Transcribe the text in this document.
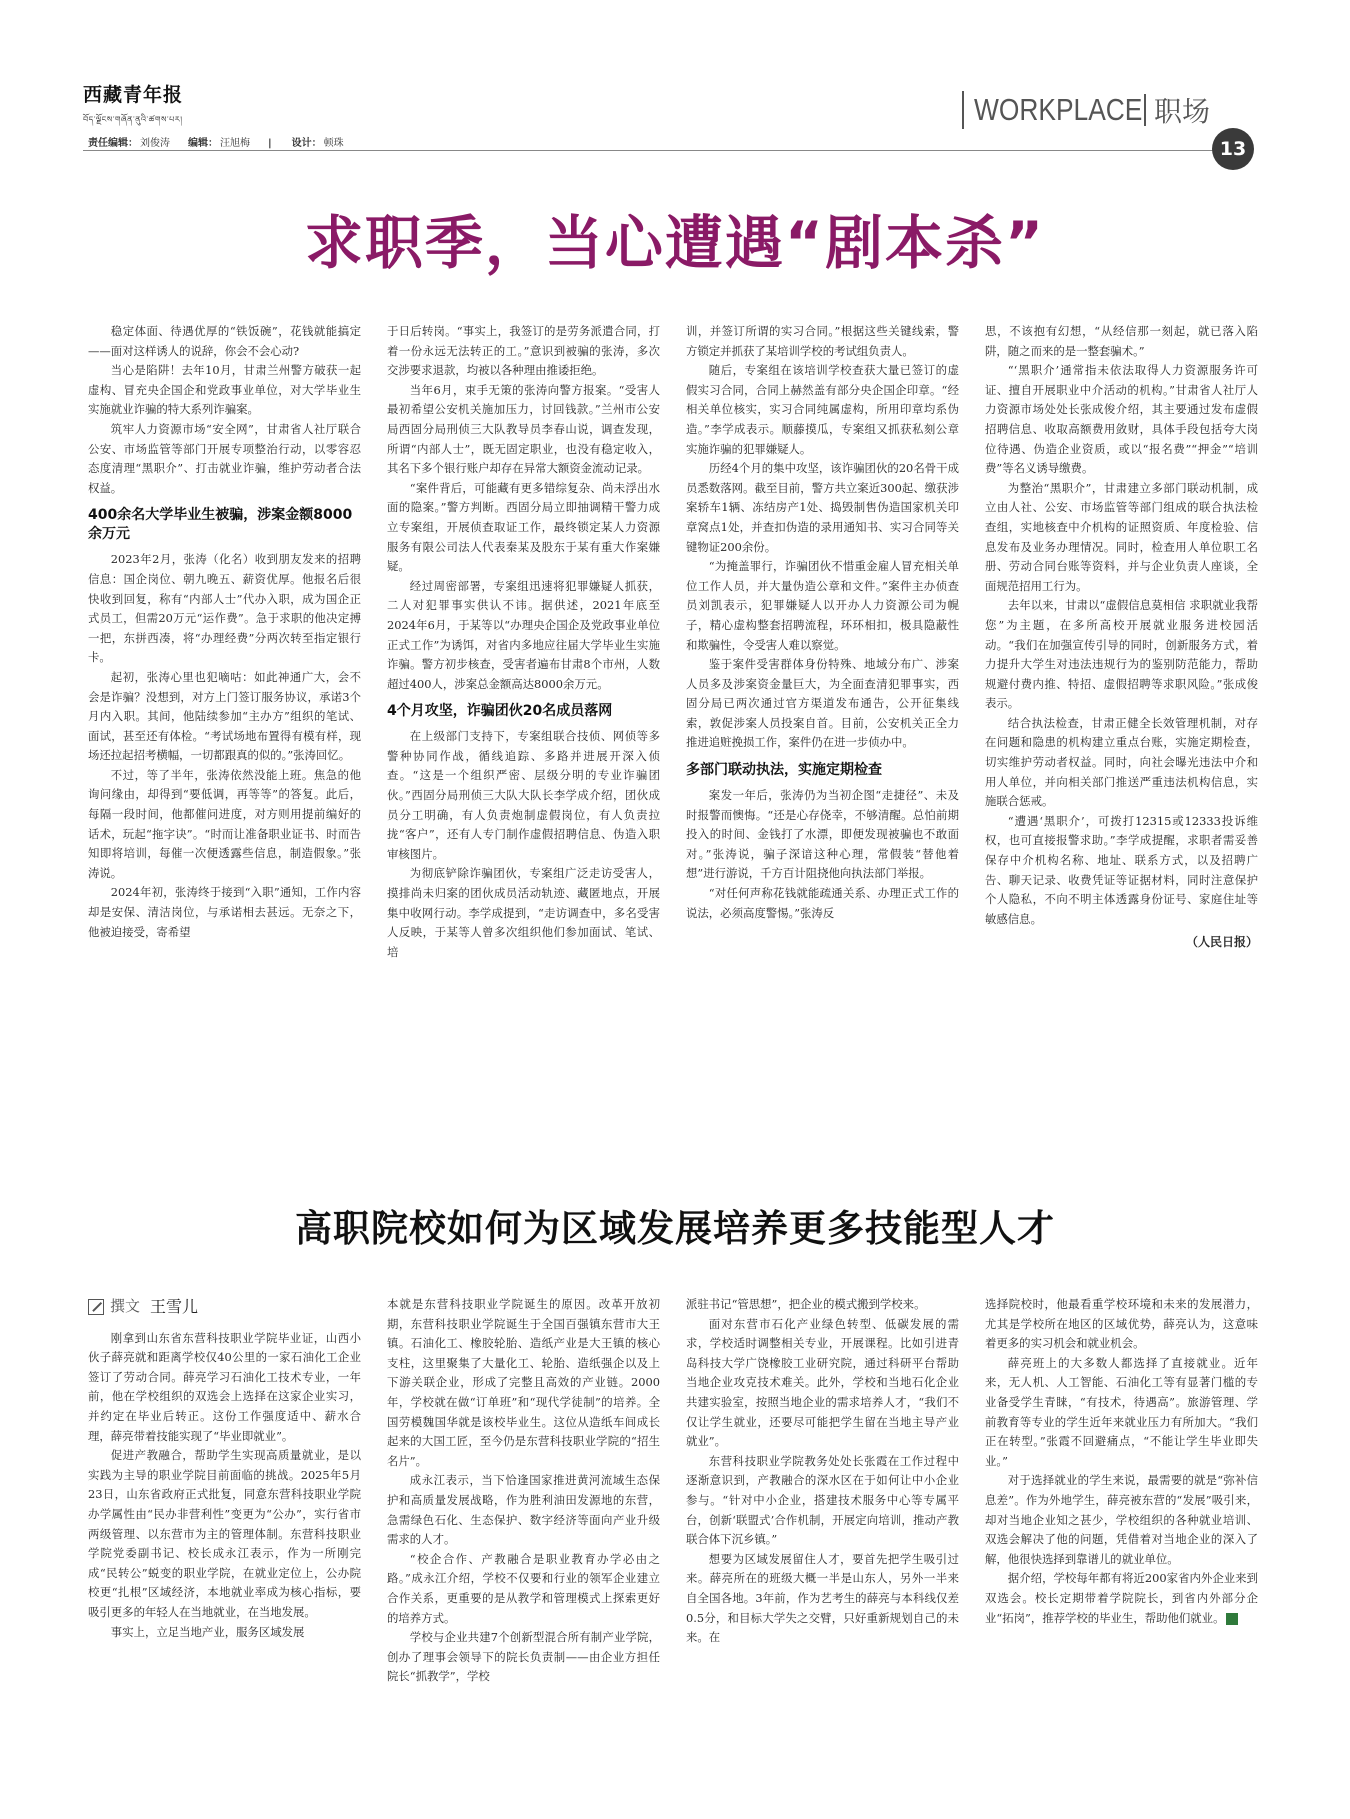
西藏青年报
བོད་ལྗོངས་གཞོན་ནུའི་ཚགས་པར།	WORKPLACE 职场
责任编辑： 刘俊涛 编辑： 汪旭梅 | 设计： 顿珠	13
求职季，当心遭遇“剧本杀”

稳定体面、待遇优厚的“铁饭碗”，花钱就能搞定——面对这样诱人的说辞，你会不会心动?

当心是陷阱！去年10月，甘肃兰州警方破获一起虚构、冒充央企国企和党政事业单位，对大学毕业生实施就业诈骗的特大系列诈骗案。

筑牢人力资源市场“安全网”，甘肃省人社厅联合公安、市场监管等部门开展专项整治行动，以零容忍态度清理“黑职介”、打击就业诈骗，维护劳动者合法权益。

400余名大学毕业生被骗，涉案金额8000余万元

2023年2月，张涛（化名）收到朋友发来的招聘信息：国企岗位、朝九晚五、薪资优厚。他报名后很快收到回复，称有“内部人士”代办入职，成为国企正式员工，但需20万元“运作费”。急于求职的他决定搏一把，东拼西凑，将“办理经费”分两次转至指定银行卡。

起初，张涛心里也犯嘀咕：如此神通广大，会不会是诈骗？没想到，对方上门签订服务协议，承诺3个月内入职。其间，他陆续参加“主办方”组织的笔试、面试，甚至还有体检。“考试场地布置得有模有样，现场还拉起招考横幅，一切都跟真的似的。”张涛回忆。

不过，等了半年，张涛依然没能上班。焦急的他询问缘由，却得到“要低调，再等等”的答复。此后，每隔一段时间，他都催问进度，对方则用提前编好的话术，玩起“拖字诀”。“时而让准备职业证书、时而告知即将培训，每催一次便透露些信息，制造假象。”张涛说。

2024年初，张涛终于接到“入职”通知，工作内容却是安保、清洁岗位，与承诺相去甚远。无奈之下，他被迫接受，寄希望

于日后转岗。“事实上，我签订的是劳务派遣合同，打着一份永远无法转正的工。”意识到被骗的张涛，多次交涉要求退款，均被以各种理由推诿拒绝。

当年6月，束手无策的张涛向警方报案。“受害人最初希望公安机关施加压力，讨回钱款。”兰州市公安局西固分局刑侦三大队教导员李春山说，调查发现，所谓“内部人士”，既无固定职业，也没有稳定收入，其名下多个银行账户却存在异常大额资金流动记录。

“案件背后，可能藏有更多错综复杂、尚未浮出水面的隐案。”警方判断。西固分局立即抽调精干警力成立专案组，开展侦查取证工作，最终锁定某人力资源服务有限公司法人代表秦某及股东于某有重大作案嫌疑。

经过周密部署，专案组迅速将犯罪嫌疑人抓获，二人对犯罪事实供认不讳。据供述，2021年底至2024年6月，于某等以“办理央企国企及党政事业单位正式工作”为诱饵，对省内多地应往届大学毕业生实施诈骗。警方初步核查，受害者遍布甘肃8个市州，人数超过400人，涉案总金额高达8000余万元。

4个月攻坚，诈骗团伙20名成员落网

在上级部门支持下，专案组联合技侦、网侦等多警种协同作战，循线追踪、多路并进展开深入侦查。“这是一个组织严密、层级分明的专业诈骗团伙。”西固分局刑侦三大队大队长李学成介绍，团伙成员分工明确，有人负责炮制虚假岗位，有人负责拉拢“客户”，还有人专门制作虚假招聘信息、伪造入职审核图片。

为彻底铲除诈骗团伙，专案组广泛走访受害人，摸排尚未归案的团伙成员活动轨迹、藏匿地点，开展集中收网行动。李学成提到，“走访调查中，多名受害人反映，于某等人曾多次组织他们参加面试、笔试、培

训，并签订所谓的实习合同。”根据这些关键线索，警方锁定并抓获了某培训学校的考试组负责人。

随后，专案组在该培训学校查获大量已签订的虚假实习合同，合同上赫然盖有部分央企国企印章。“经相关单位核实，实习合同纯属虚构，所用印章均系伪造。”李学成表示。顺藤摸瓜，专案组又抓获私刻公章实施诈骗的犯罪嫌疑人。

历经4个月的集中攻坚，该诈骗团伙的20名骨干成员悉数落网。截至目前，警方共立案近300起、缴获涉案轿车1辆、冻结房产1处、捣毁制售伪造国家机关印章窝点1处，并查扣伪造的录用通知书、实习合同等关键物证200余份。

“为掩盖罪行，诈骗团伙不惜重金雇人冒充相关单位工作人员，并大量伪造公章和文件。”案件主办侦查员刘凯表示，犯罪嫌疑人以开办人力资源公司为幌子，精心虚构整套招聘流程，环环相扣，极具隐蔽性和欺骗性，令受害人难以察觉。

鉴于案件受害群体身份特殊、地域分布广、涉案人员多及涉案资金量巨大，为全面查清犯罪事实，西固分局已两次通过官方渠道发布通告，公开征集线索，敦促涉案人员投案自首。目前，公安机关正全力推进追赃挽损工作，案件仍在进一步侦办中。

多部门联动执法，实施定期检查

案发一年后，张涛仍为当初企图“走捷径”、未及时报警而懊悔。“还是心存侥幸，不够清醒。总怕前期投入的时间、金钱打了水漂，即便发现被骗也不敢面对。”张涛说，骗子深谙这种心理，常假装“替他着想”进行游说，千方百计阻挠他向执法部门举报。

“对任何声称花钱就能疏通关系、办理正式工作的说法，必须高度警惕。”张涛反

思，不该抱有幻想，“从经信那一刻起，就已落入陷阱，随之而来的是一整套骗术。”

“‘黑职介’通常指未依法取得人力资源服务许可证、擅自开展职业中介活动的机构。”甘肃省人社厅人力资源市场处处长张成俊介绍，其主要通过发布虚假招聘信息、收取高额费用敛财，具体手段包括夸大岗位待遇、伪造企业资质，或以“报名费”“押金”“培训费”等名义诱导缴费。

为整治“黑职介”，甘肃建立多部门联动机制，成立由人社、公安、市场监管等部门组成的联合执法检查组，实地核查中介机构的证照资质、年度检验、信息发布及业务办理情况。同时，检查用人单位职工名册、劳动合同台账等资料，并与企业负责人座谈，全面规范招用工行为。

去年以来，甘肃以“虚假信息莫相信 求职就业我帮您”为主题，在多所高校开展就业服务进校园活动。“我们在加强宣传引导的同时，创新服务方式，着力提升大学生对违法违规行为的鉴别防范能力，帮助规避付费内推、特招、虚假招聘等求职风险。”张成俊表示。

结合执法检查，甘肃正健全长效管理机制，对存在问题和隐患的机构建立重点台账，实施定期检查，切实维护劳动者权益。同时，向社会曝光违法中介和用人单位，并向相关部门推送严重违法机构信息，实施联合惩戒。

“遭遇‘黑职介’，可拨打12315或12333投诉维权，也可直接报警求助。”李学成提醒，求职者需妥善保存中介机构名称、地址、联系方式，以及招聘广告、聊天记录、收费凭证等证据材料，同时注意保护个人隐私，不向不明主体透露身份证号、家庭住址等敏感信息。

（人民日报）

高职院校如何为区域发展培养更多技能型人才
撰文 王雪儿

刚拿到山东省东营科技职业学院毕业证，山西小伙子薛亮就和距离学校仅40公里的一家石油化工企业签订了劳动合同。薛亮学习石油化工技术专业，一年前，他在学校组织的双选会上选择在这家企业实习，并约定在毕业后转正。这份工作强度适中、薪水合理，薛亮带着技能实现了“毕业即就业”。

促进产教融合，帮助学生实现高质量就业，是以实践为主导的职业学院目前面临的挑战。2025年5月23日，山东省政府正式批复，同意东营科技职业学院办学属性由“民办非营利性”变更为“公办”，实行省市两级管理、以东营市为主的管理体制。东营科技职业学院党委副书记、校长成永江表示，作为一所刚完成“民转公”蜕变的职业学院，在就业定位上，公办院校更“扎根”区域经济，本地就业率成为核心指标，要吸引更多的年轻人在当地就业，在当地发展。

事实上，立足当地产业，服务区域发展

本就是东营科技职业学院诞生的原因。改革开放初期，东营科技职业学院诞生于全国百强镇东营市大王镇。石油化工、橡胶轮胎、造纸产业是大王镇的核心支柱，这里聚集了大量化工、轮胎、造纸强企以及上下游关联企业，形成了完整且高效的产业链。2000年，学校就在做“订单班”和“现代学徒制”的培养。全国劳模魏国华就是该校毕业生。这位从造纸车间成长起来的大国工匠，至今仍是东营科技职业学院的“招生名片”。

成永江表示，当下恰逢国家推进黄河流域生态保护和高质量发展战略，作为胜利油田发源地的东营，急需绿色石化、生态保护、数字经济等面向产业升级需求的人才。

“校企合作、产教融合是职业教育办学必由之路。”成永江介绍，学校不仅要和行业的领军企业建立合作关系，更重要的是从教学和管理模式上探索更好的培养方式。

学校与企业共建7个创新型混合所有制产业学院，创办了理事会领导下的院长负责制——由企业方担任院长“抓教学”，学校

派驻书记“管思想”，把企业的模式搬到学校来。

面对东营市石化产业绿色转型、低碳发展的需求，学校适时调整相关专业，开展课程。比如引进青岛科技大学广饶橡胶工业研究院，通过科研平台帮助当地企业攻克技术难关。此外，学校和当地石化企业共建实验室，按照当地企业的需求培养人才，“我们不仅让学生就业，还要尽可能把学生留在当地主导产业就业”。

东营科技职业学院教务处处长张霞在工作过程中逐渐意识到，产教融合的深水区在于如何让中小企业参与。“针对中小企业，搭建技术服务中心等专属平台，创新‘联盟式’合作机制，开展定向培训，推动产教联合体下沉乡镇。”

想要为区域发展留住人才，要首先把学生吸引过来。薛亮所在的班级大概一半是山东人，另外一半来自全国各地。3年前，作为艺考生的薛亮与本科线仅差0.5分，和目标大学失之交臂，只好重新规划自己的未来。在

选择院校时，他最看重学校环境和未来的发展潜力，尤其是学校所在地区的区域优势，薛亮认为，这意味着更多的实习机会和就业机会。

薛亮班上的大多数人都选择了直接就业。近年来，无人机、人工智能、石油化工等有显著门槛的专业备受学生青睐，“有技术，待遇高”。旅游管理、学前教育等专业的学生近年来就业压力有所加大。“我们正在转型。”张霞不回避痛点，“不能让学生毕业即失业。”

对于选择就业的学生来说，最需要的就是“弥补信息差”。作为外地学生，薛亮被东营的“发展”吸引来，却对当地企业知之甚少，学校组织的各种就业培训、双选会解决了他的问题，凭借着对当地企业的深入了解，他很快选择到靠谱儿的就业单位。

据介绍，学校每年都有将近200家省内外企业来到双选会。校长定期带着学院院长，到省内外部分企业“拓岗”，推荐学校的毕业生，帮助他们就业。
